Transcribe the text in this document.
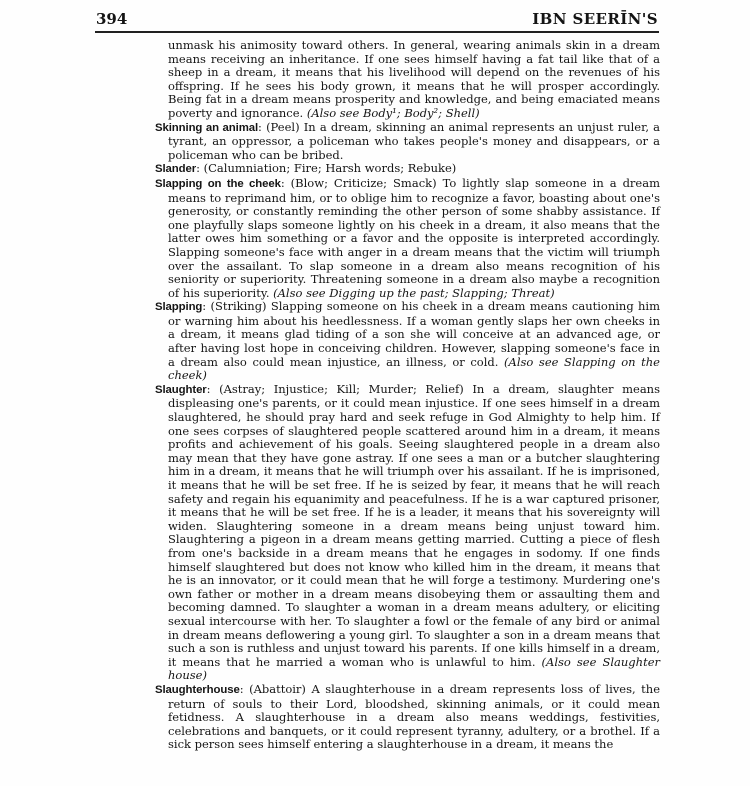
394	IBN SEERĪN'S

unmask his animosity toward others. In general, wearing animals skin in a dream means receiving an inheritance. If one sees himself having a fat tail like that of a sheep in a dream, it means that his livelihood will depend on the revenues of his offspring. If he sees his body grown, it means that he will prosper accordingly. Being fat in a dream means prosperity and knowledge, and being emaciated means poverty and ignorance. (Also see Body¹; Body²; Shell)

Skinning an animal: (Peel) In a dream, skinning an animal represents an unjust ruler, a tyrant, an oppressor, a policeman who takes people's money and disappears, or a policeman who can be bribed.

Slander: (Calumniation; Fire; Harsh words; Rebuke)

Slapping on the cheek: (Blow; Criticize; Smack) To lightly slap someone in a dream means to reprimand him, or to oblige him to recognize a favor, boasting about one's generosity, or constantly reminding the other person of some shabby assistance. If one playfully slaps someone lightly on his cheek in a dream, it also means that the latter owes him something or a favor and the opposite is interpreted accordingly. Slapping someone's face with anger in a dream means that the victim will triumph over the assailant. To slap someone in a dream also means recognition of his seniority or superiority. Threatening someone in a dream also maybe a recognition of his superiority. (Also see Digging up the past; Slapping; Threat)

Slapping: (Striking) Slapping someone on his cheek in a dream means cautioning him or warning him about his heedlessness. If a woman gently slaps her own cheeks in a dream, it means glad tiding of a son she will conceive at an advanced age, or after having lost hope in conceiving children. However, slapping someone's face in a dream also could mean injustice, an illness, or cold. (Also see Slapping on the cheek)

Slaughter: (Astray; Injustice; Kill; Murder; Relief) In a dream, slaughter means displeasing one's parents, or it could mean injustice. If one sees himself in a dream slaughtered, he should pray hard and seek refuge in God Almighty to help him. If one sees corpses of slaughtered people scattered around him in a dream, it means profits and achievement of his goals. Seeing slaughtered people in a dream also may mean that they have gone astray. If one sees a man or a butcher slaughtering him in a dream, it means that he will triumph over his assailant. If he is imprisoned, it means that he will be set free. If he is seized by fear, it means that he will reach safety and regain his equanimity and peacefulness. If he is a war captured prisoner, it means that he will be set free. If he is a leader, it means that his sovereignty will widen. Slaughtering someone in a dream means being unjust toward him. Slaughtering a pigeon in a dream means getting married. Cutting a piece of flesh from one's backside in a dream means that he engages in sodomy. If one finds himself slaughtered but does not know who killed him in the dream, it means that he is an innovator, or it could mean that he will forge a testimony. Murdering one's own father or mother in a dream means disobeying them or assaulting them and becoming damned. To slaughter a woman in a dream means adultery, or eliciting sexual intercourse with her. To slaughter a fowl or the female of any bird or animal in dream means deflowering a young girl. To slaughter a son in a dream means that such a son is ruthless and unjust toward his parents. If one kills himself in a dream, it means that he married a woman who is unlawful to him. (Also see Slaughter house)

Slaughterhouse: (Abattoir) A slaughterhouse in a dream represents loss of lives, the return of souls to their Lord, bloodshed, skinning animals, or it could mean fetidness. A slaughterhouse in a dream also means weddings, festivities, celebrations and banquets, or it could represent tyranny, adultery, or a brothel. If a sick person sees himself entering a slaughterhouse in a dream, it means the
